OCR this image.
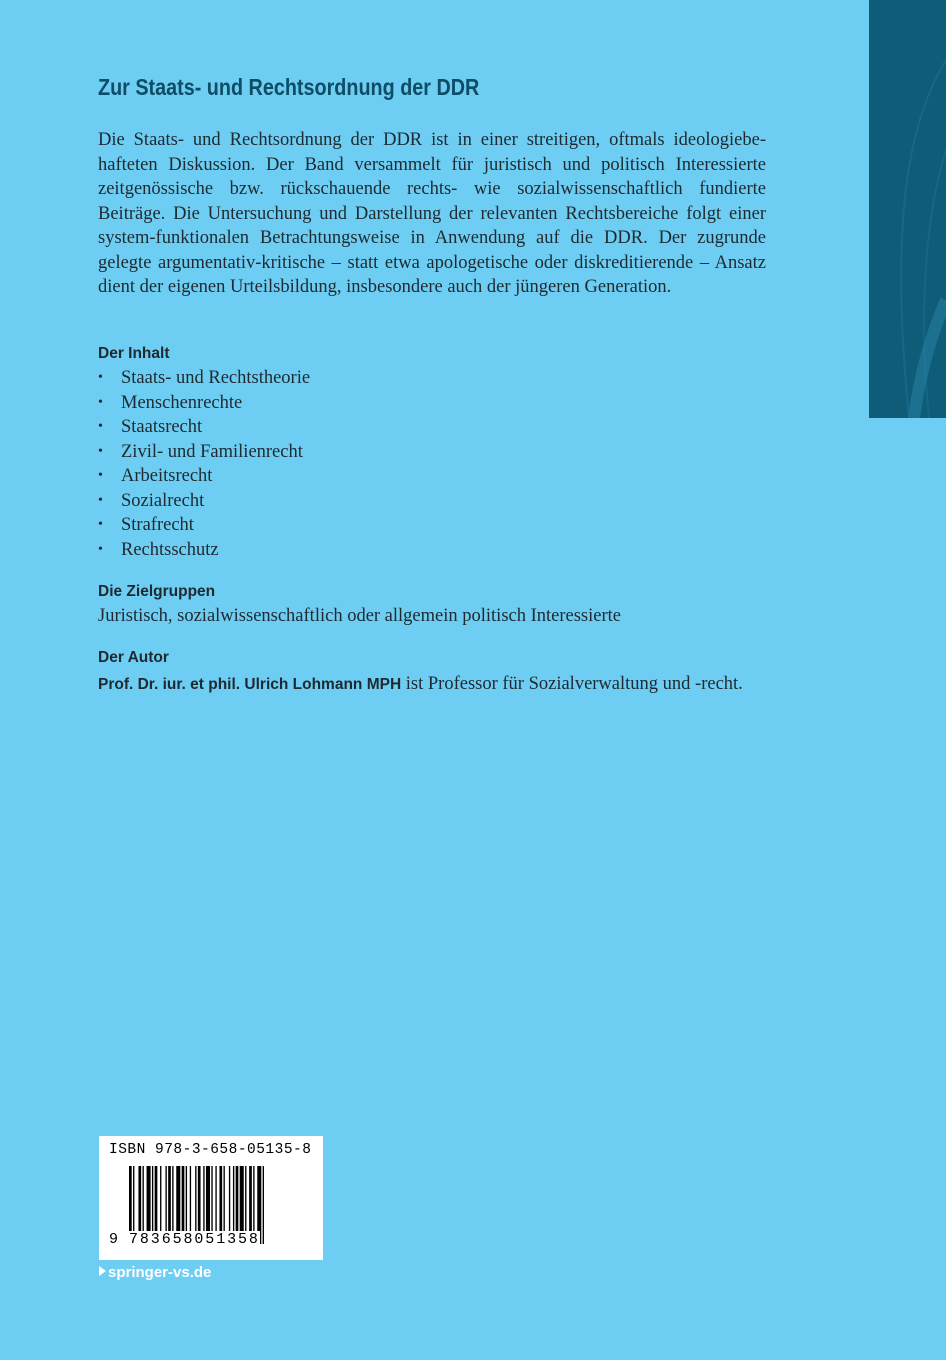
Zur Staats- und Rechtsordnung der DDR
Die Staats- und Rechtsordnung der DDR ist in einer streitigen, oftmals ideologiebehafteten Diskussion. Der Band versammelt für juristisch und politisch Interessierte zeitgenössische bzw. rückschauende rechts- wie sozialwissenschaftlich fundierte Beiträge. Die Untersuchung und Darstellung der relevanten Rechtsbereiche folgt einer system-funktionalen Betrachtungsweise in Anwendung auf die DDR. Der zugrunde gelegte argumentativ-kritische – statt etwa apologetische oder diskreditierende – Ansatz dient der eigenen Urteilsbildung, insbesondere auch der jüngeren Generation.
Der Inhalt
• Staats- und Rechtstheorie
• Menschenrechte
• Staatsrecht
• Zivil- und Familienrecht
• Arbeitsrecht
• Sozialrecht
• Strafrecht
• Rechtsschutz
Die Zielgruppen
Juristisch, sozialwissenschaftlich oder allgemein politisch Interessierte
Der Autor
Prof. Dr. iur. et phil. Ulrich Lohmann MPH ist Professor für Sozialverwaltung und -recht.
ISBN 978-3-658-05135-8
9 783658051358
springer-vs.de
